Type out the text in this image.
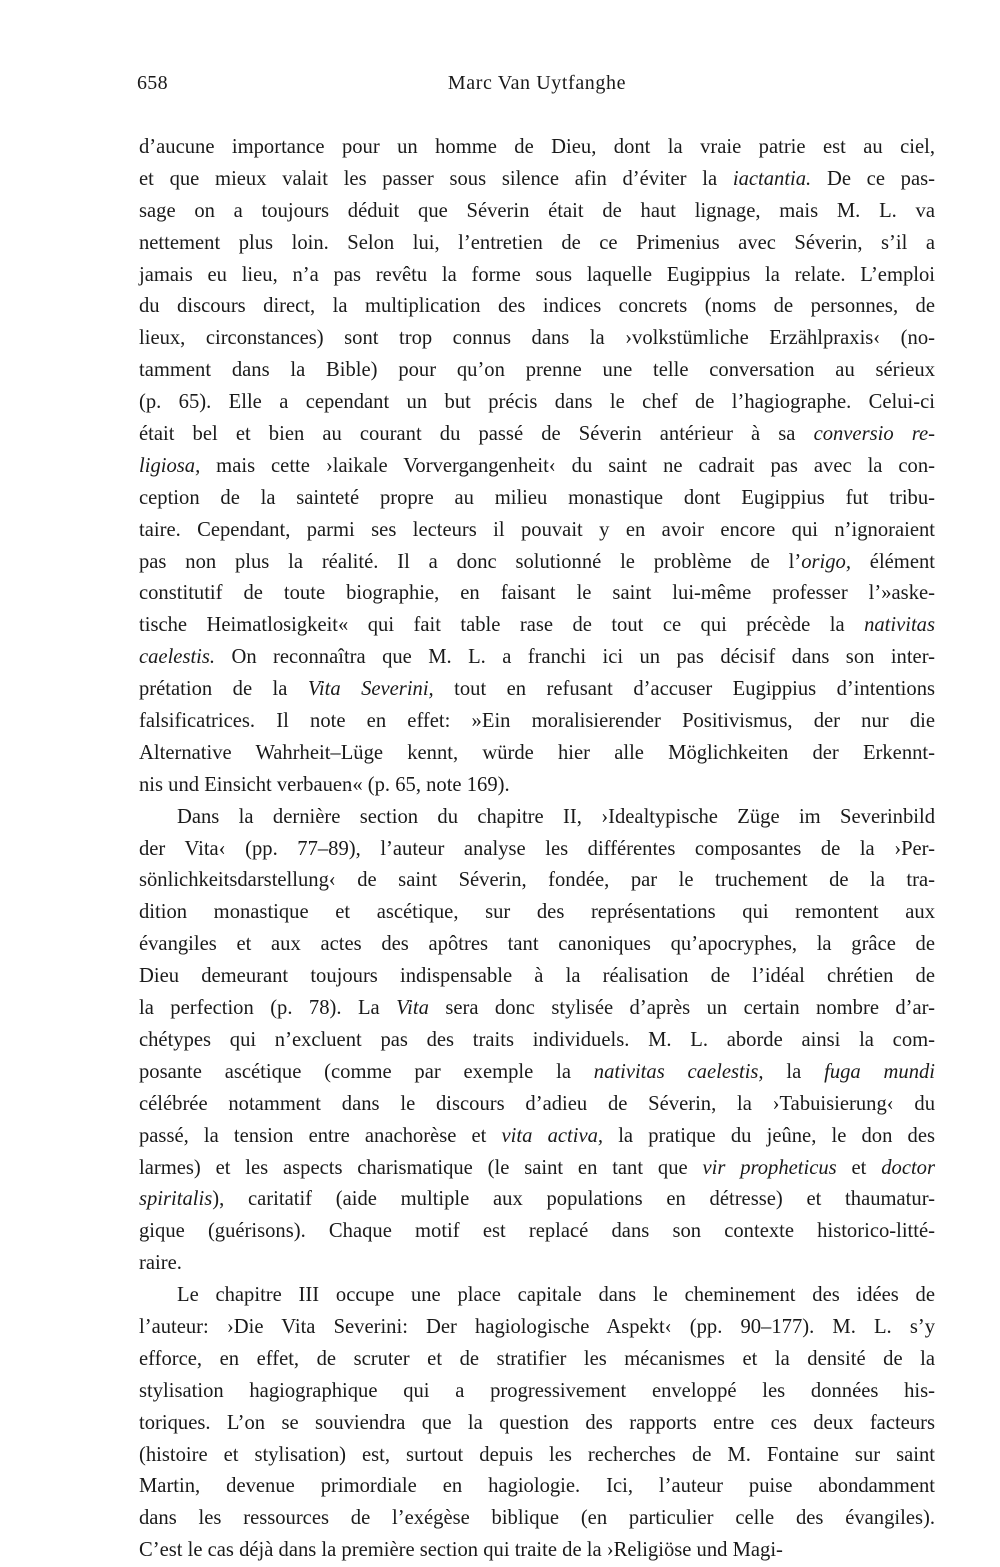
658	Marc Van Uytfanghe

d’aucune importance pour un homme de Dieu, dont la vraie patrie est au ciel,
et que mieux valait les passer sous silence afin d’éviter la iactantia. De ce pas-
sage on a toujours déduit que Séverin était de haut lignage, mais M. L. va
nettement plus loin. Selon lui, l’entretien de ce Primenius avec Séverin, s’il a
jamais eu lieu, n’a pas revêtu la forme sous laquelle Eugippius la relate. L’emploi
du discours direct, la multiplication des indices concrets (noms de personnes, de
lieux, circonstances) sont trop connus dans la ›volkstümliche Erzählpraxis‹ (no-
tamment dans la Bible) pour qu’on prenne une telle conversation au sérieux
(p. 65). Elle a cependant un but précis dans le chef de l’hagiographe. Celui-ci
était bel et bien au courant du passé de Séverin antérieur à sa conversio re-
ligiosa, mais cette ›laikale Vorvergangenheit‹ du saint ne cadrait pas avec la con-
ception de la sainteté propre au milieu monastique dont Eugippius fut tribu-
taire. Cependant, parmi ses lecteurs il pouvait y en avoir encore qui n’ignoraient
pas non plus la réalité. Il a donc solutionné le problème de l’origo, élément
constitutif de toute biographie, en faisant le saint lui-même professer l’»aske-
tische Heimatlosigkeit« qui fait table rase de tout ce qui précède la nativitas
caelestis. On reconnaîtra que M. L. a franchi ici un pas décisif dans son inter-
prétation de la Vita Severini, tout en refusant d’accuser Eugippius d’intentions
falsificatrices. Il note en effet: »Ein moralisierender Positivismus, der nur die
Alternative Wahrheit–Lüge kennt, würde hier alle Möglichkeiten der Erkennt-
nis und Einsicht verbauen« (p. 65, note 169).

Dans la dernière section du chapitre II, ›Idealtypische Züge im Severinbild
der Vita‹ (pp. 77–89), l’auteur analyse les différentes composantes de la ›Per-
sönlichkeitsdarstellung‹ de saint Séverin, fondée, par le truchement de la tra-
dition monastique et ascétique, sur des représentations qui remontent aux
évangiles et aux actes des apôtres tant canoniques qu’apocryphes, la grâce de
Dieu demeurant toujours indispensable à la réalisation de l’idéal chrétien de
la perfection (p. 78). La Vita sera donc stylisée d’après un certain nombre d’ar-
chétypes qui n’excluent pas des traits individuels. M. L. aborde ainsi la com-
posante ascétique (comme par exemple la nativitas caelestis, la fuga mundi
célébrée notamment dans le discours d’adieu de Séverin, la ›Tabuisierung‹ du
passé, la tension entre anachorèse et vita activa, la pratique du jeûne, le don des
larmes) et les aspects charismatique (le saint en tant que vir propheticus et doctor
spiritalis), caritatif (aide multiple aux populations en détresse) et thaumatur-
gique (guérisons). Chaque motif est replacé dans son contexte historico-litté-
raire.

Le chapitre III occupe une place capitale dans le cheminement des idées de
l’auteur: ›Die Vita Severini: Der hagiologische Aspekt‹ (pp. 90–177). M. L. s’y
efforce, en effet, de scruter et de stratifier les mécanismes et la densité de la
stylisation hagiographique qui a progressivement enveloppé les données his-
toriques. L’on se souviendra que la question des rapports entre ces deux facteurs
(histoire et stylisation) est, surtout depuis les recherches de M. Fontaine sur saint
Martin, devenue primordiale en hagiologie. Ici, l’auteur puise abondamment
dans les ressources de l’exégèse biblique (en particulier celle des évangiles).
C’est le cas déjà dans la première section qui traite de la ›Religiöse und Magi-
